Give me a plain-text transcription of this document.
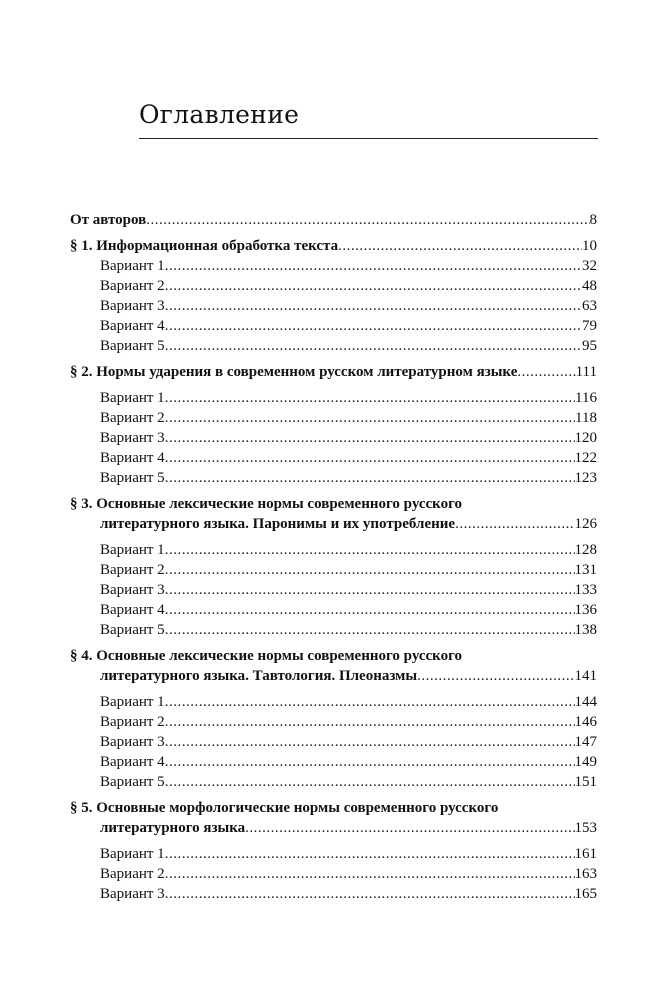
Оглавление
От авторов .....	8
§ 1. Информационная обработка текста .....	10
Вариант 1 .....	32
Вариант 2 .....	48
Вариант 3 .....	63
Вариант 4 .....	79
Вариант 5 .....	95
§ 2. Нормы ударения в современном русском литературном языке .....	111
Вариант 1 .....	116
Вариант 2 .....	118
Вариант 3 .....	120
Вариант 4 .....	122
Вариант 5 .....	123
§ 3. Основные лексические нормы современного русского
литературного языка. Паронимы и их употребление .....	126
Вариант 1 .....	128
Вариант 2 .....	131
Вариант 3 .....	133
Вариант 4 .....	136
Вариант 5 .....	138
§ 4. Основные лексические нормы современного русского
литературного языка. Тавтология. Плеоназмы .....	141
Вариант 1 .....	144
Вариант 2 .....	146
Вариант 3 .....	147
Вариант 4 .....	149
Вариант 5 .....	151
§ 5. Основные морфологические нормы современного русского
литературного языка .....	153
Вариант 1 .....	161
Вариант 2 .....	163
Вариант 3 .....	165
